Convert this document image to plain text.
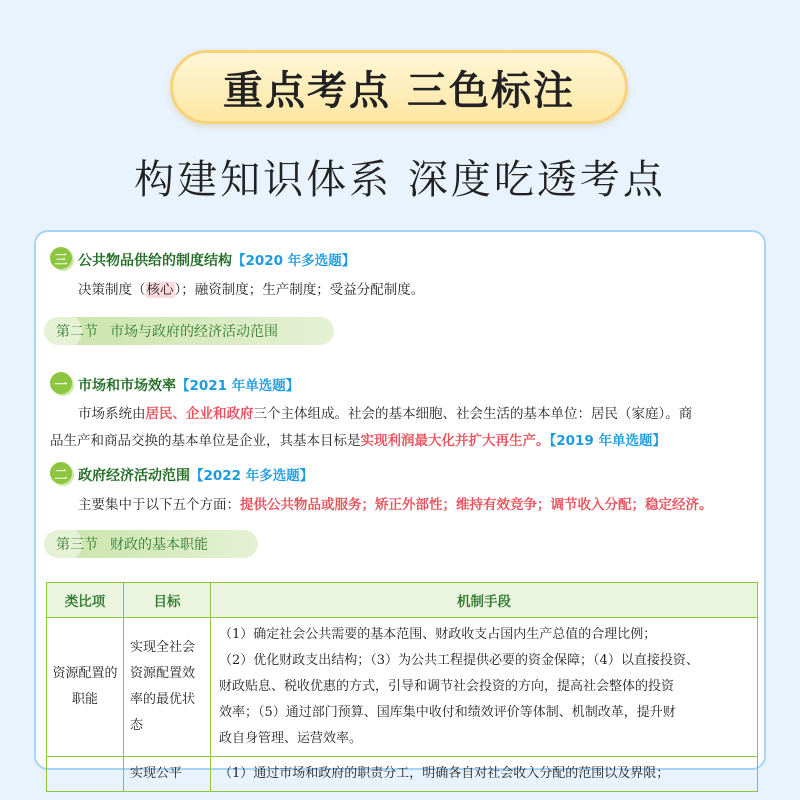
重点考点 三色标注
构建知识体系 深度吃透考点
三 公共物品供给的制度结构【2020 年多选题】
决策制度（核心）；融资制度；生产制度；受益分配制度。
第二节 市场与政府的经济活动范围
一 市场和市场效率【2021 年单选题】
市场系统由居民、企业和政府三个主体组成。社会的基本细胞、社会生活的基本单位：居民（家庭）。商
品生产和商品交换的基本单位是企业，其基本目标是实现利润最大化并扩大再生产。【2019 年单选题】
二 政府经济活动范围【2022 年多选题】
主要集中于以下五个方面：提供公共物品或服务；矫正外部性；维持有效竞争；调节收入分配；稳定经济。
第三节 财政的基本职能
类比项	目标	机制手段
资源配置的职能	实现全社会资源配置效率的最优状态	（1）确定社会公共需要的基本范围、财政收支占国内生产总值的合理比例；
（2）优化财政支出结构；（3）为公共工程提供必要的资金保障；（4）以直接投资、
财政贴息、税收优惠的方式，引导和调节社会投资的方向，提高社会整体的投资
效率；（5）通过部门预算、国库集中收付和绩效评价等体制、机制改革，提升财
政自身管理、运营效率。

	实现公平	（1）通过市场和政府的职责分工，明确各自对社会收入分配的范围以及界限；
